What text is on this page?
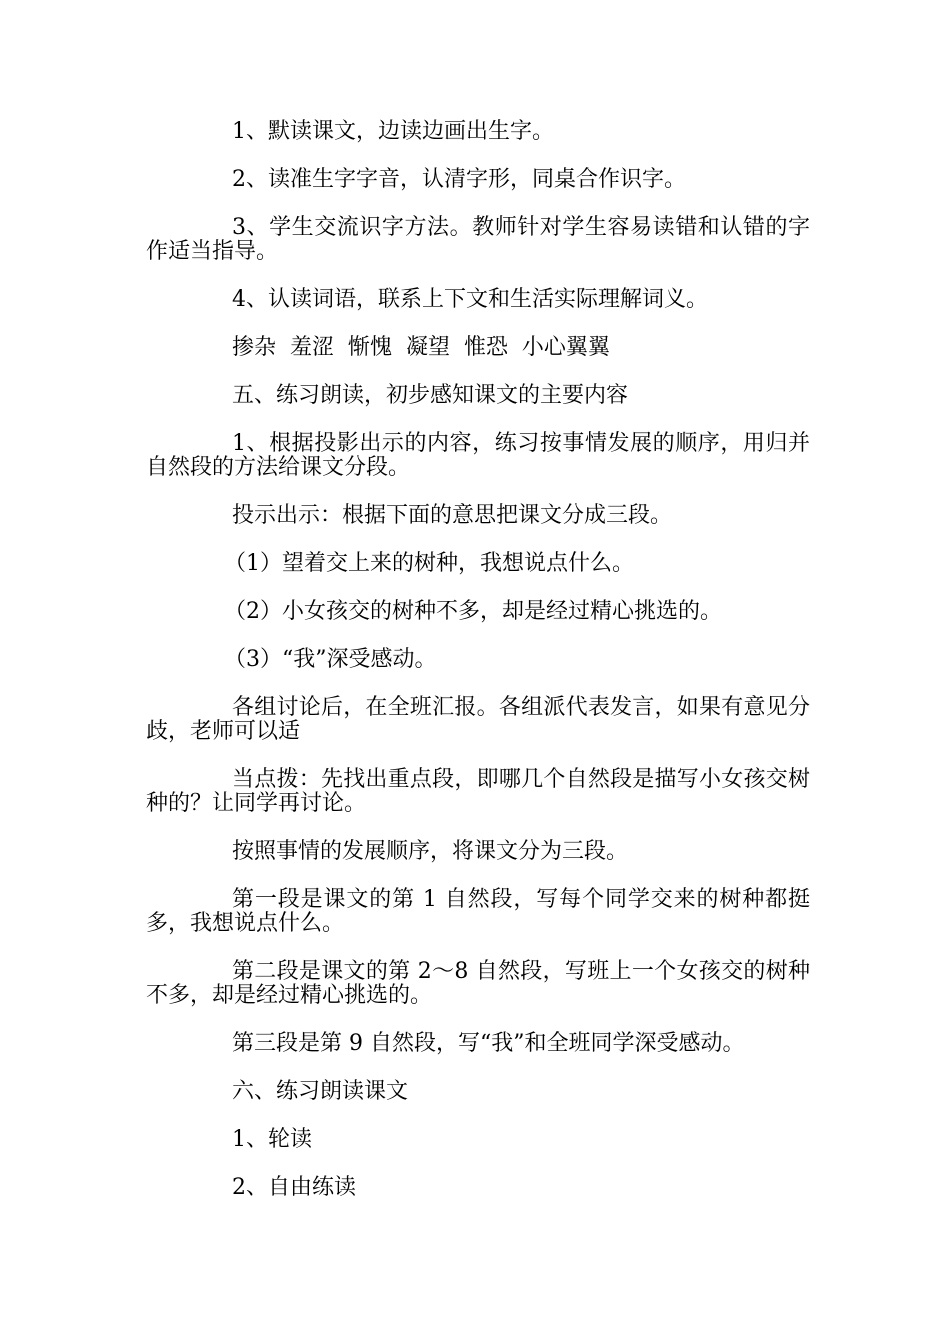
1、默读课文，边读边画出生字。

2、读准生字字音，认清字形，同桌合作识字。

3、学生交流识字方法。教师针对学生容易读错和认错的字作适当指导。

4、认读词语，联系上下文和生活实际理解词义。

掺杂  羞涩  惭愧  凝望  惟恐  小心翼翼

五、练习朗读，初步感知课文的主要内容

1、根据投影出示的内容，练习按事情发展的顺序，用归并自然段的方法给课文分段。

投示出示：根据下面的意思把课文分成三段。

（1）望着交上来的树种，我想说点什么。

（2）小女孩交的树种不多，却是经过精心挑选的。

（3）“我”深受感动。

各组讨论后，在全班汇报。各组派代表发言，如果有意见分歧，老师可以适

当点拨：先找出重点段，即哪几个自然段是描写小女孩交树种的？让同学再讨论。

按照事情的发展顺序，将课文分为三段。

第一段是课文的第 1 自然段，写每个同学交来的树种都挺多，我想说点什么。

第二段是课文的第 2～8 自然段，写班上一个女孩交的树种不多，却是经过精心挑选的。

第三段是第 9 自然段，写“我”和全班同学深受感动。

六、练习朗读课文

1、轮读

2、自由练读
